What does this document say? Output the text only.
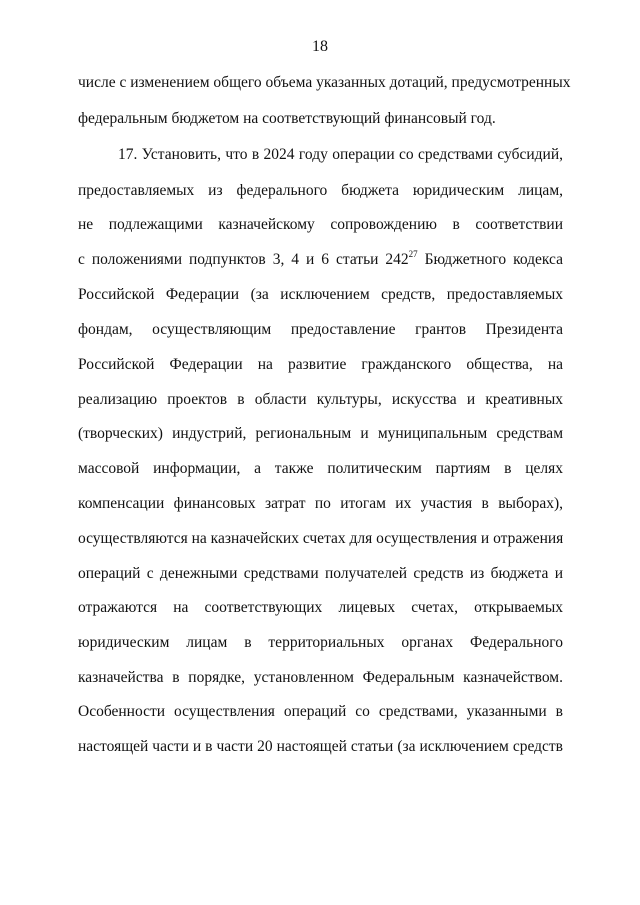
18
числе с изменением общего объема указанных дотаций, предусмотренных
федеральным бюджетом на соответствующий финансовый год.
17. Установить, что в 2024 году операции со средствами субсидий,
предоставляемых из федерального бюджета юридическим лицам,
не подлежащими казначейскому сопровождению в соответствии
с положениями подпунктов 3, 4 и 6 статьи $242^{27}$ Бюджетного кодекса
Российской Федерации (за исключением средств, предоставляемых
фондам, осуществляющим предоставление грантов Президента
Российской Федерации на развитие гражданского общества, на
реализацию проектов в области культуры, искусства и креативных
(творческих) индустрий, региональным и муниципальным средствам
массовой информации, а также политическим партиям в целях
компенсации финансовых затрат по итогам их участия в выборах),
осуществляются на казначейских счетах для осуществления и отражения
операций с денежными средствами получателей средств из бюджета и
отражаются на соответствующих лицевых счетах, открываемых
юридическим лицам в территориальных органах Федерального
казначейства в порядке, установленном Федеральным казначейством.
Особенности осуществления операций со средствами, указанными в
настоящей части и в части 20 настоящей статьи (за исключением средств
